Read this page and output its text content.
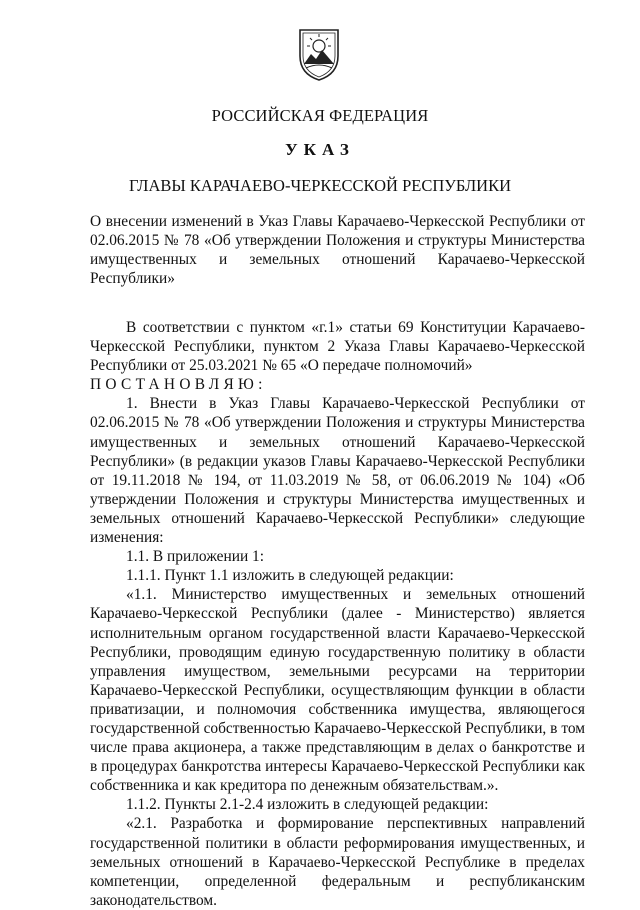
РОССИЙСКАЯ ФЕДЕРАЦИЯ
УКАЗ
ГЛАВЫ КАРАЧАЕВО-ЧЕРКЕССКОЙ РЕСПУБЛИКИ
О внесении изменений в Указ Главы Карачаево-Черкесской Республики от 02.06.2015 № 78 «Об утверждении Положения и структуры Министерства имущественных и земельных отношений Карачаево-Черкесской Республики»

В соответствии с пунктом «г.1» статьи 69 Конституции Карачаево-Черкесской Республики, пунктом 2 Указа Главы Карачаево-Черкесской Республики от 25.03.2021 № 65 «О передаче полномочий»

ПОСТАНОВЛЯЮ:

1. Внести в Указ Главы Карачаево-Черкесской Республики от 02.06.2015 № 78 «Об утверждении Положения и структуры Министерства имущественных и земельных отношений Карачаево-Черкесской Республики» (в редакции указов Главы Карачаево-Черкесской Республики от 19.11.2018 № 194, от 11.03.2019 № 58, от 06.06.2019 № 104) «Об утверждении Положения и структуры Министерства имущественных и земельных отношений Карачаево-Черкесской Республики» следующие изменения:

1.1. В приложении 1:

1.1.1. Пункт 1.1 изложить в следующей редакции:

«1.1. Министерство имущественных и земельных отношений Карачаево-Черкесской Республики (далее - Министерство) является исполнительным органом государственной власти Карачаево-Черкесской Республики, проводящим единую государственную политику в области управления имуществом, земельными ресурсами на территории Карачаево-Черкесской Республики, осуществляющим функции в области приватизации, и полномочия собственника имущества, являющегося государственной собственностью Карачаево-Черкесской Республики, в том числе права акционера, а также представляющим в делах о банкротстве и в процедурах банкротства интересы Карачаево-Черкесской Республики как собственника и как кредитора по денежным обязательствам.».

1.1.2. Пункты 2.1-2.4 изложить в следующей редакции:

«2.1. Разработка и формирование перспективных направлений государственной политики в области реформирования имущественных, и земельных отношений в Карачаево-Черкесской Республике в пределах компетенции, определенной федеральным и республиканским законодательством.
